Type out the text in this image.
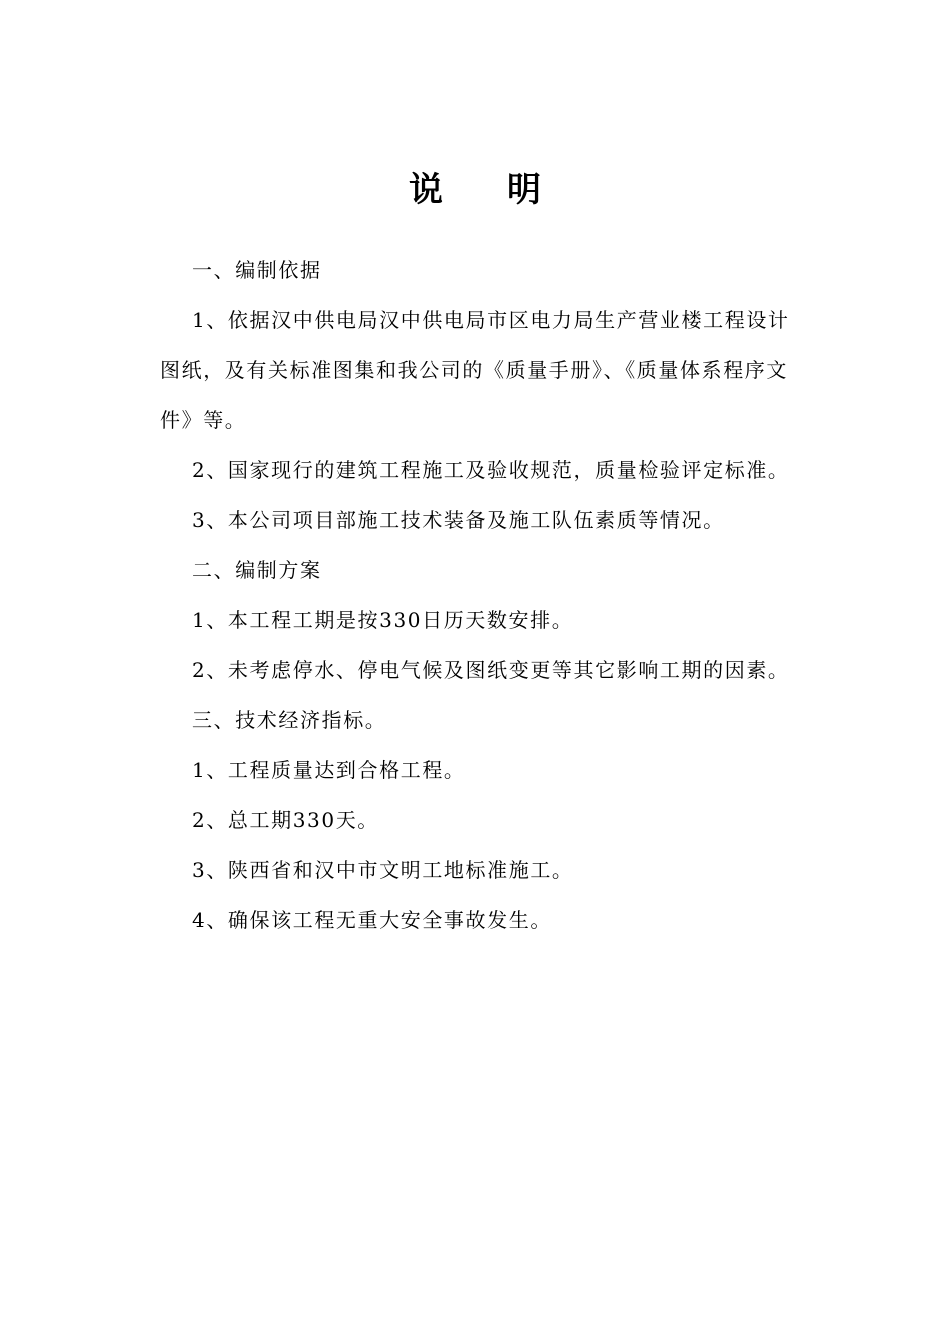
说明

一、编制依据

1、依据汉中供电局汉中供电局市区电力局生产营业楼工程设计图纸，及有关标准图集和我公司的《质量手册》、《质量体系程序文件》等。

2、国家现行的建筑工程施工及验收规范，质量检验评定标准。

3、本公司项目部施工技术装备及施工队伍素质等情况。

二、编制方案

1、本工程工期是按330日历天数安排。

2、未考虑停水、停电气候及图纸变更等其它影响工期的因素。

三、技术经济指标。

1、工程质量达到合格工程。

2、总工期330天。

3、陕西省和汉中市文明工地标准施工。

4、确保该工程无重大安全事故发生。
